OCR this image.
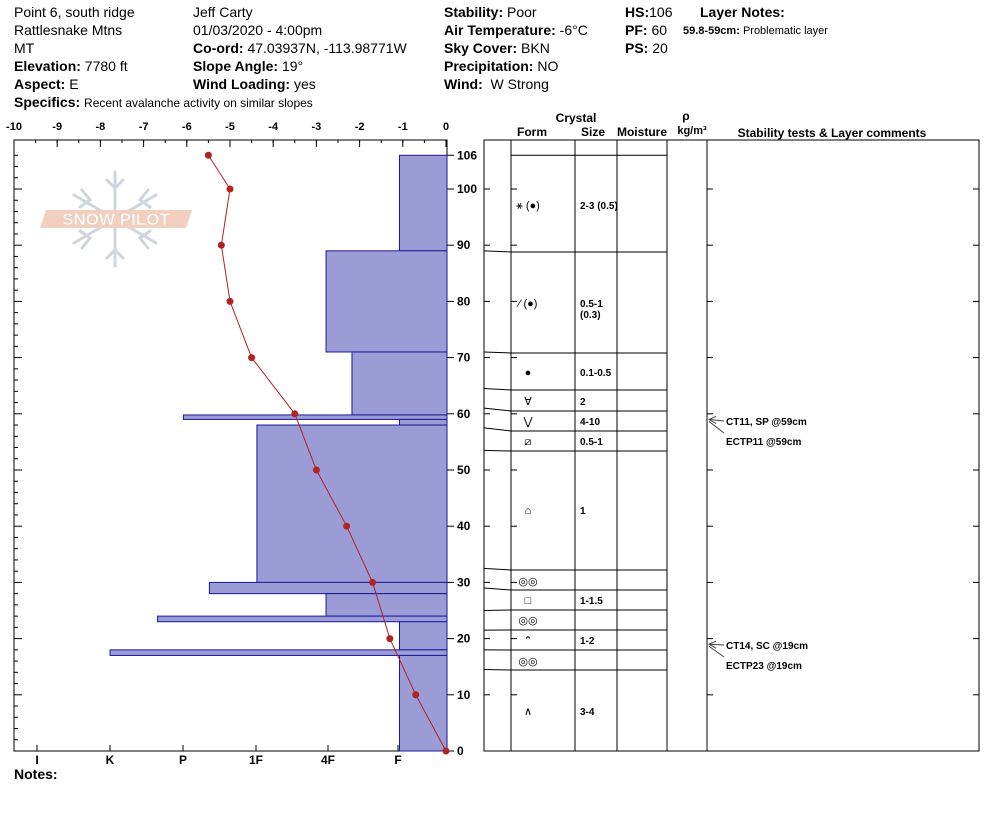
Point 6, south ridge
Rattlesnake Mtns
MT
Elevation: 7780 ft
Aspect: E
Specifics: Recent avalanche activity on similar slopes
Jeff Carty
01/03/2020 - 4:00pm
Co-ord: 47.03937N, -113.98771W
Slope Angle: 19°
Wind Loading: yes
Stability: Poor
Air Temperature: -6°C
Sky Cover: BKN
Precipitation: NO
Wind: W Strong
HS:106
PF: 60
PS: 20
Layer Notes:
59.8-59cm: Problematic layer
Notes:
SNOW PILOT
-10	-9	-8	-7	-6	-5	-4	-3	-2	-1	0
0
10
20
30
40
50
60
70
80
90
100
106
I	K	P	1F	4F	F
Crystal
Form	Size Moisture
ρ
kg/m³	Stability tests & Layer comments
⚹ (●)	2-3 (0.5)
⁄ (●)	0.5-1
(0.3)
●	0.1-0.5
∀	2
⋁	4-10
⧄	0.5-1
⌂	1
◎◎
□	1-1.5
◎◎
⌃	1-2
◎◎
∧	3-4
CT11, SP @59cm
ECTP11 @59cm
CT14, SC @19cm
ECTP23 @19cm
